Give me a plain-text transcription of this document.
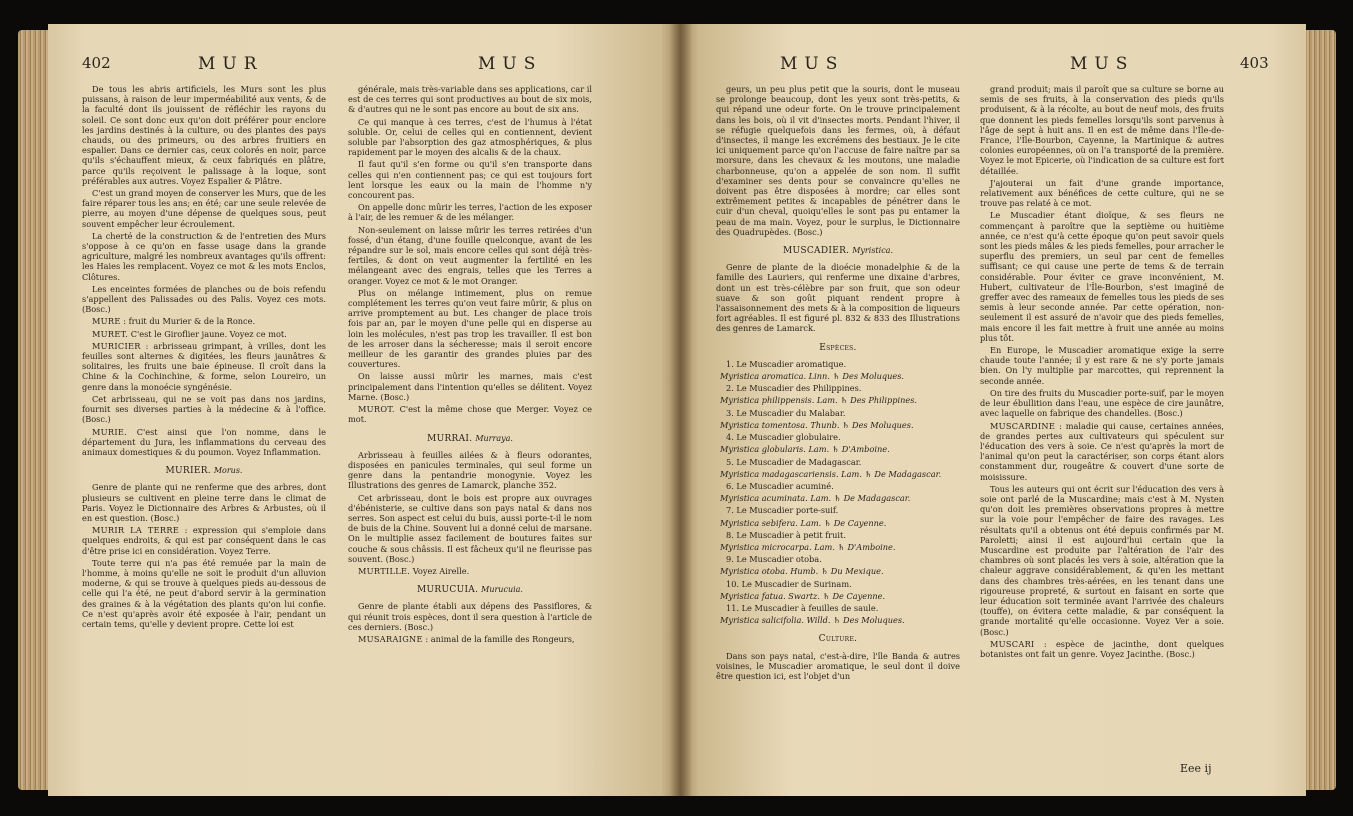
402	MUR	MUS

De tous les abris artificiels, les Murs sont les plus puissans, à raison de leur imperméabilité aux vents, & de la faculté dont ils jouissent de réfléchir les rayons du soleil. Ce sont donc eux qu'on doit préférer pour enclore les jardins destinés à la culture, ou des plantes des pays chauds, ou des primeurs, ou des arbres fruitiers en espalier. Dans ce dernier cas, ceux colorés en noir, parce qu'ils s'échauffent mieux, & ceux fabriqués en plâtre, parce qu'ils reçoivent le palissage à la loque, sont préférables aux autres. Voyez Espalier & Plâtre.

C'est un grand moyen de conserver les Murs, que de les faire réparer tous les ans; en été; car une seule relevée de pierre, au moyen d'une dépense de quelques sous, peut souvent empêcher leur écroulement.

La cherté de la construction & de l'entretien des Murs s'oppose à ce qu'on en fasse usage dans la grande agriculture, malgré les nombreux avantages qu'ils offrent: les Haies les remplacent. Voyez ce mot & les mots Enclos, Clôtures.

Les enceintes formées de planches ou de bois refendu s'appellent des Palissades ou des Palis. Voyez ces mots. (Bosc.)

MURE : fruit du Murier & de la Ronce.

MURET. C'est le Giroflier jaune. Voyez ce mot.

MURICIER : arbrisseau grimpant, à vrilles, dont les feuilles sont alternes & digitées, les fleurs jaunâtres & solitaires, les fruits une baie épineuse. Il croît dans la Chine & la Cochinchine, & forme, selon Loureiro, un genre dans la monoécie syngénésie.

Cet arbrisseau, qui ne se voit pas dans nos jardins, fournit ses diverses parties à la médecine & à l'office. (Bosc.)

MURIE. C'est ainsi que l'on nomme, dans le département du Jura, les inflammations du cerveau des animaux domestiques & du poumon. Voyez Inflammation.

MURIER. Morus.

Genre de plante qui ne renferme que des arbres, dont plusieurs se cultivent en pleine terre dans le climat de Paris. Voyez le Dictionnaire des Arbres & Arbustes, où il en est question. (Bosc.)

MURIR LA TERRE : expression qui s'emploie dans quelques endroits, & qui est par conséquent dans le cas d'être prise ici en considération. Voyez Terre.

Toute terre qui n'a pas été remuée par la main de l'homme, à moins qu'elle ne soit le produit d'un alluvion moderne, & qui se trouve à quelques pieds au-dessous de celle qui l'a été, ne peut d'abord servir à la germination des graines & à la végétation des plants qu'on lui confie. Ce n'est qu'après avoir été exposée à l'air, pendant un certain tems, qu'elle y devient propre. Cette loi est

générale, mais très-variable dans ses applications, car il est de ces terres qui sont productives au bout de six mois, & d'autres qui ne le sont pas encore au bout de six ans.

Ce qui manque à ces terres, c'est de l'humus à l'état soluble. Or, celui de celles qui en contiennent, devient soluble par l'absorption des gaz atmosphériques, & plus rapidement par le moyen des alcalis & de la chaux.

Il faut qu'il s'en forme ou qu'il s'en transporte dans celles qui n'en contiennent pas; ce qui est toujours fort lent lorsque les eaux ou la main de l'homme n'y concourent pas.

On appelle donc mûrir les terres, l'action de les exposer à l'air, de les remuer & de les mélanger.

Non-seulement on laisse mûrir les terres retirées d'un fossé, d'un étang, d'une fouille quelconque, avant de les répandre sur le sol, mais encore celles qui sont déjà très-fertiles, & dont on veut augmenter la fertilité en les mélangeant avec des engrais, telles que les Terres a oranger. Voyez ce mot & le mot Oranger.

Plus on mélange intimement, plus on remue complétement les terres qu'on veut faire mûrir, & plus on arrive promptement au but. Les changer de place trois fois par an, par le moyen d'une pelle qui en disperse au loin les molécules, n'est pas trop les travailler. Il est bon de les arroser dans la sécheresse; mais il seroit encore meilleur de les garantir des grandes pluies par des couvertures.

On laisse aussi mûrir les marnes, mais c'est principalement dans l'intention qu'elles se délitent. Voyez Marne. (Bosc.)

MUROT. C'est la même chose que Merger. Voyez ce mot.

MURRAI. Murraya.

Arbrisseau à feuilles ailées & à fleurs odorantes, disposées en panicules terminales, qui seul forme un genre dans la pentandrie monogynie. Voyez les Illustrations des genres de Lamarck, planche 352.

Cet arbrisseau, dont le bois est propre aux ouvrages d'ébénisterie, se cultive dans son pays natal & dans nos serres. Son aspect est celui du buis, aussi porte-t-il le nom de buis de la Chine. Souvent lui a donné celui de marsane. On le multiplie assez facilement de boutures faites sur couche & sous châssis. Il est fâcheux qu'il ne fleurisse pas souvent. (Bosc.)

MURTILLE. Voyez Airelle.

MURUCUIA. Murucuia.

Genre de plante établi aux dépens des Passiflores, & qui réunit trois espèces, dont il sera question à l'article de ces derniers. (Bosc.)

MUSARAIGNE : animal de la famille des Rongeurs,

MUS	MUS	403

geurs, un peu plus petit que la souris, dont le museau se prolonge beaucoup, dont les yeux sont très-petits, & qui répand une odeur forte. On le trouve principalement dans les bois, où il vit d'insectes morts. Pendant l'hiver, il se réfugie quelquefois dans les fermes, où, à défaut d'insectes, il mange les excrémens des bestiaux. Je le cite ici uniquement parce qu'on l'accuse de faire naître par sa morsure, dans les chevaux & les moutons, une maladie charbonneuse, qu'on a appelée de son nom. Il suffit d'examiner ses dents pour se convaincre qu'elles ne doivent pas être disposées à mordre; car elles sont extrêmement petites & incapables de pénétrer dans le cuir d'un cheval, quoiqu'elles le sont pas pu entamer la peau de ma main. Voyez, pour le surplus, le Dictionnaire des Quadrupèdes. (Bosc.)

MUSCADIER. Myristica.

Genre de plante de la dioécie monadelphie & de la famille des Lauriers, qui renferme une dixaine d'arbres, dont un est très-célèbre par son fruit, que son odeur suave & son goût piquant rendent propre à l'assaisonnement des mets & à la composition de liqueurs fort agréables. Il est figuré pl. 832 & 833 des Illustrations des genres de Lamarck.

Espèces.

1. Le Muscadier aromatique.

Myristica aromatica. Linn. ♄ Des Moluques.

2. Le Muscadier des Philippines.

Myristica philippensis. Lam. ♄ Des Philippines.

3. Le Muscadier du Malabar.

Myristica tomentosa. Thunb. ♄ Des Moluques.

4. Le Muscadier globulaire.

Myristica globularis. Lam. ♄ D'Amboine.

5. Le Muscadier de Madagascar.

Myristica madagascariensis. Lam. ♄ De Madagascar.

6. Le Muscadier acuminé.

Myristica acuminata. Lam. ♄ De Madagascar.

7. Le Muscadier porte-suif.

Myristica sebifera. Lam. ♄ De Cayenne.

8. Le Muscadier à petit fruit.

Myristica microcarpa. Lam. ♄ D'Amboine.

9. Le Muscadier otoba.

Myristica otoba. Humb. ♄ Du Mexique.

10. Le Muscadier de Surinam.

Myristica fatua. Swartz. ♄ De Cayenne.

11. Le Muscadier à feuilles de saule.

Myristica salicifolia. Willd. ♄ Des Moluques.

Culture.

Dans son pays natal, c'est-à-dire, l'île Banda & autres voisines, le Muscadier aromatique, le seul dont il doive être question ici, est l'objet d'un

grand produit; mais il paroît que sa culture se borne au semis de ses fruits, à la conservation des pieds qu'ils produisent, & à la récolte, au bout de neuf mois, des fruits que donnent les pieds femelles lorsqu'ils sont parvenus à l'âge de sept à huit ans. Il en est de même dans l'Île-de-France, l'Île-Bourbon, Cayenne, la Martinique & autres colonies européennes, où on l'a transporté de la première. Voyez le mot Epicerie, où l'indication de sa culture est fort détaillée.

J'ajouterai un fait d'une grande importance, relativement aux bénéfices de cette culture, qui ne se trouve pas relaté à ce mot.

Le Muscadier étant dioïque, & ses fleurs ne commençant à paroître que la septième ou huitième année, ce n'est qu'à cette époque qu'on peut savoir quels sont les pieds mâles & les pieds femelles, pour arracher le superflu des premiers, un seul par cent de femelles suffisant; ce qui cause une perte de tems & de terrain considérable. Pour éviter ce grave inconvénient, M. Hubert, cultivateur de l'Île-Bourbon, s'est imaginé de greffer avec des rameaux de femelles tous les pieds de ses semis à leur seconde année. Par cette opération, non-seulement il est assuré de n'avoir que des pieds femelles, mais encore il les fait mettre à fruit une année au moins plus tôt.

En Europe, le Muscadier aromatique exige la serre chaude toute l'année; il y est rare & ne s'y porte jamais bien. On l'y multiplie par marcottes, qui reprennent la seconde année.

On tire des fruits du Muscadier porte-suif, par le moyen de leur ébullition dans l'eau, une espèce de cire jaunâtre, avec laquelle on fabrique des chandelles. (Bosc.)

MUSCARDINE : maladie qui cause, certaines années, de grandes pertes aux cultivateurs qui spéculent sur l'éducation des vers à soie. Ce n'est qu'après la mort de l'animal qu'on peut la caractériser, son corps étant alors constamment dur, rougeâtre & couvert d'une sorte de moisissure.

Tous les auteurs qui ont écrit sur l'éducation des vers à soie ont parlé de la Muscardine; mais c'est à M. Nysten qu'on doit les premières observations propres à mettre sur la voie pour l'empêcher de faire des ravages. Les résultats qu'il a obtenus ont été depuis confirmés par M. Paroletti; ainsi il est aujourd'hui certain que la Muscardine est produite par l'altération de l'air des chambres où sont placés les vers à soie, altération que la chaleur aggrave considérablement, & qu'en les mettant dans des chambres très-aérées, en les tenant dans une rigoureuse propreté, & surtout en faisant en sorte que leur éducation soit terminée avant l'arrivée des chaleurs (touffe), on évitera cette maladie, & par conséquent la grande mortalité qu'elle occasionne. Voyez Ver a soie. (Bosc.)

MUSCARI : espèce de jacinthe, dont quelques botanistes ont fait un genre. Voyez Jacinthe. (Bosc.)

Eee ij
